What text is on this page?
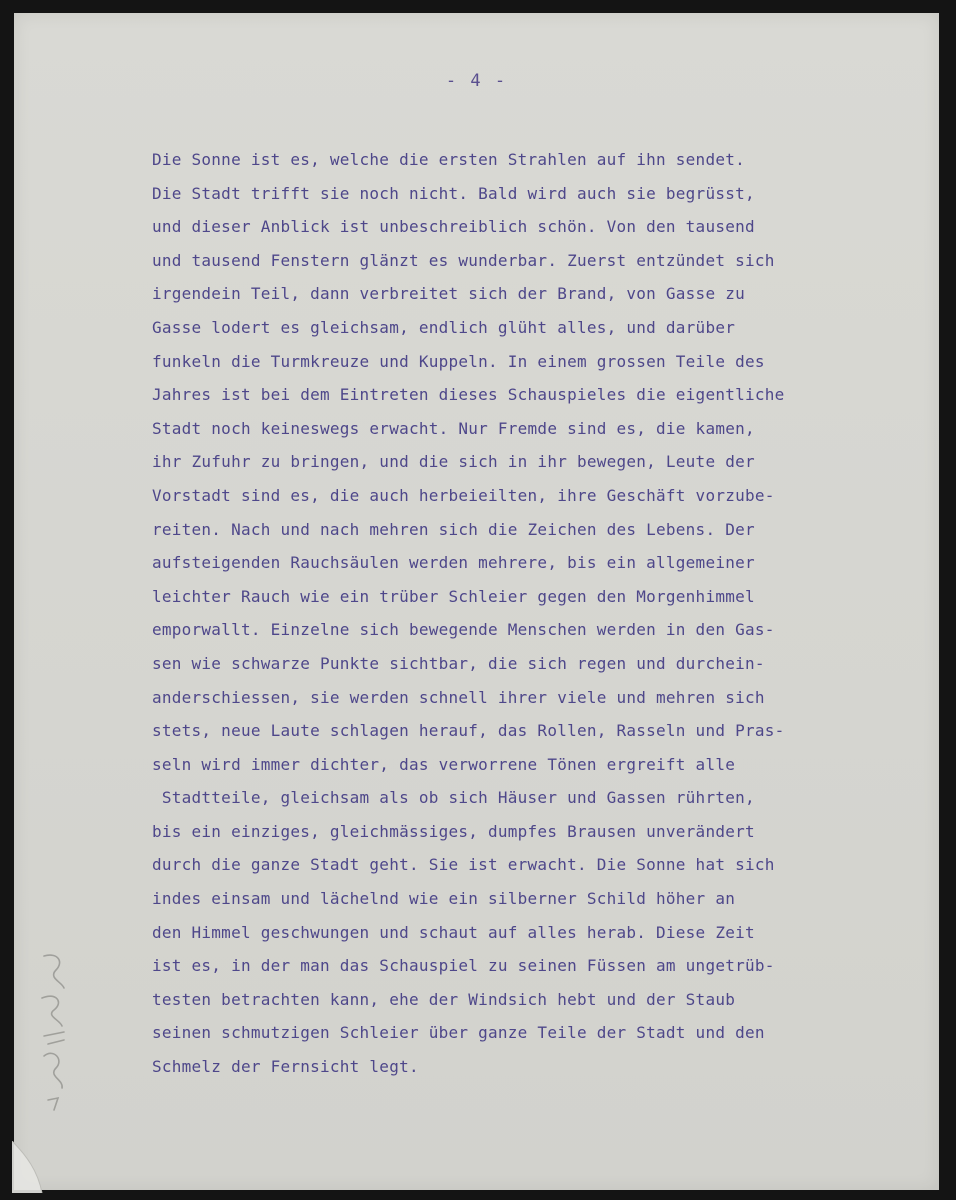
- 4 -
Die Sonne ist es, welche die ersten Strahlen auf ihn sendet.
Die Stadt trifft sie noch nicht. Bald wird auch sie begrüsst,
und dieser Anblick ist unbeschreiblich schön. Von den tausend
und tausend Fenstern glänzt es wunderbar. Zuerst entzündet sich
irgendein Teil, dann verbreitet sich der Brand, von Gasse zu
Gasse lodert es gleichsam, endlich glüht alles, und darüber
funkeln die Turmkreuze und Kuppeln. In einem grossen Teile des
Jahres ist bei dem Eintreten dieses Schauspieles die eigentliche
Stadt noch keineswegs erwacht. Nur Fremde sind es, die kamen,
ihr Zufuhr zu bringen, und die sich in ihr bewegen, Leute der
Vorstadt sind es, die auch herbeieilten, ihre Geschäft vorzube-
reiten. Nach und nach mehren sich die Zeichen des Lebens. Der
aufsteigenden Rauchsäulen werden mehrere, bis ein allgemeiner
leichter Rauch wie ein trüber Schleier gegen den Morgenhimmel
emporwallt. Einzelne sich bewegende Menschen werden in den Gas-
sen wie schwarze Punkte sichtbar, die sich regen und durchein-
anderschiessen, sie werden schnell ihrer viele und mehren sich
stets, neue Laute schlagen herauf, das Rollen, Rasseln und Pras-
seln wird immer dichter, das verworrene Tönen ergreift alle
Stadtteile, gleichsam als ob sich Häuser und Gassen rührten,
bis ein einziges, gleichmässiges, dumpfes Brausen unverändert
durch die ganze Stadt geht. Sie ist erwacht. Die Sonne hat sich
indes einsam und lächelnd wie ein silberner Schild höher an
den Himmel geschwungen und schaut auf alles herab. Diese Zeit
ist es, in der man das Schauspiel zu seinen Füssen am ungetrüb-
testen betrachten kann, ehe der Windsich hebt und der Staub
seinen schmutzigen Schleier über ganze Teile der Stadt und den
Schmelz der Fernsicht legt.
